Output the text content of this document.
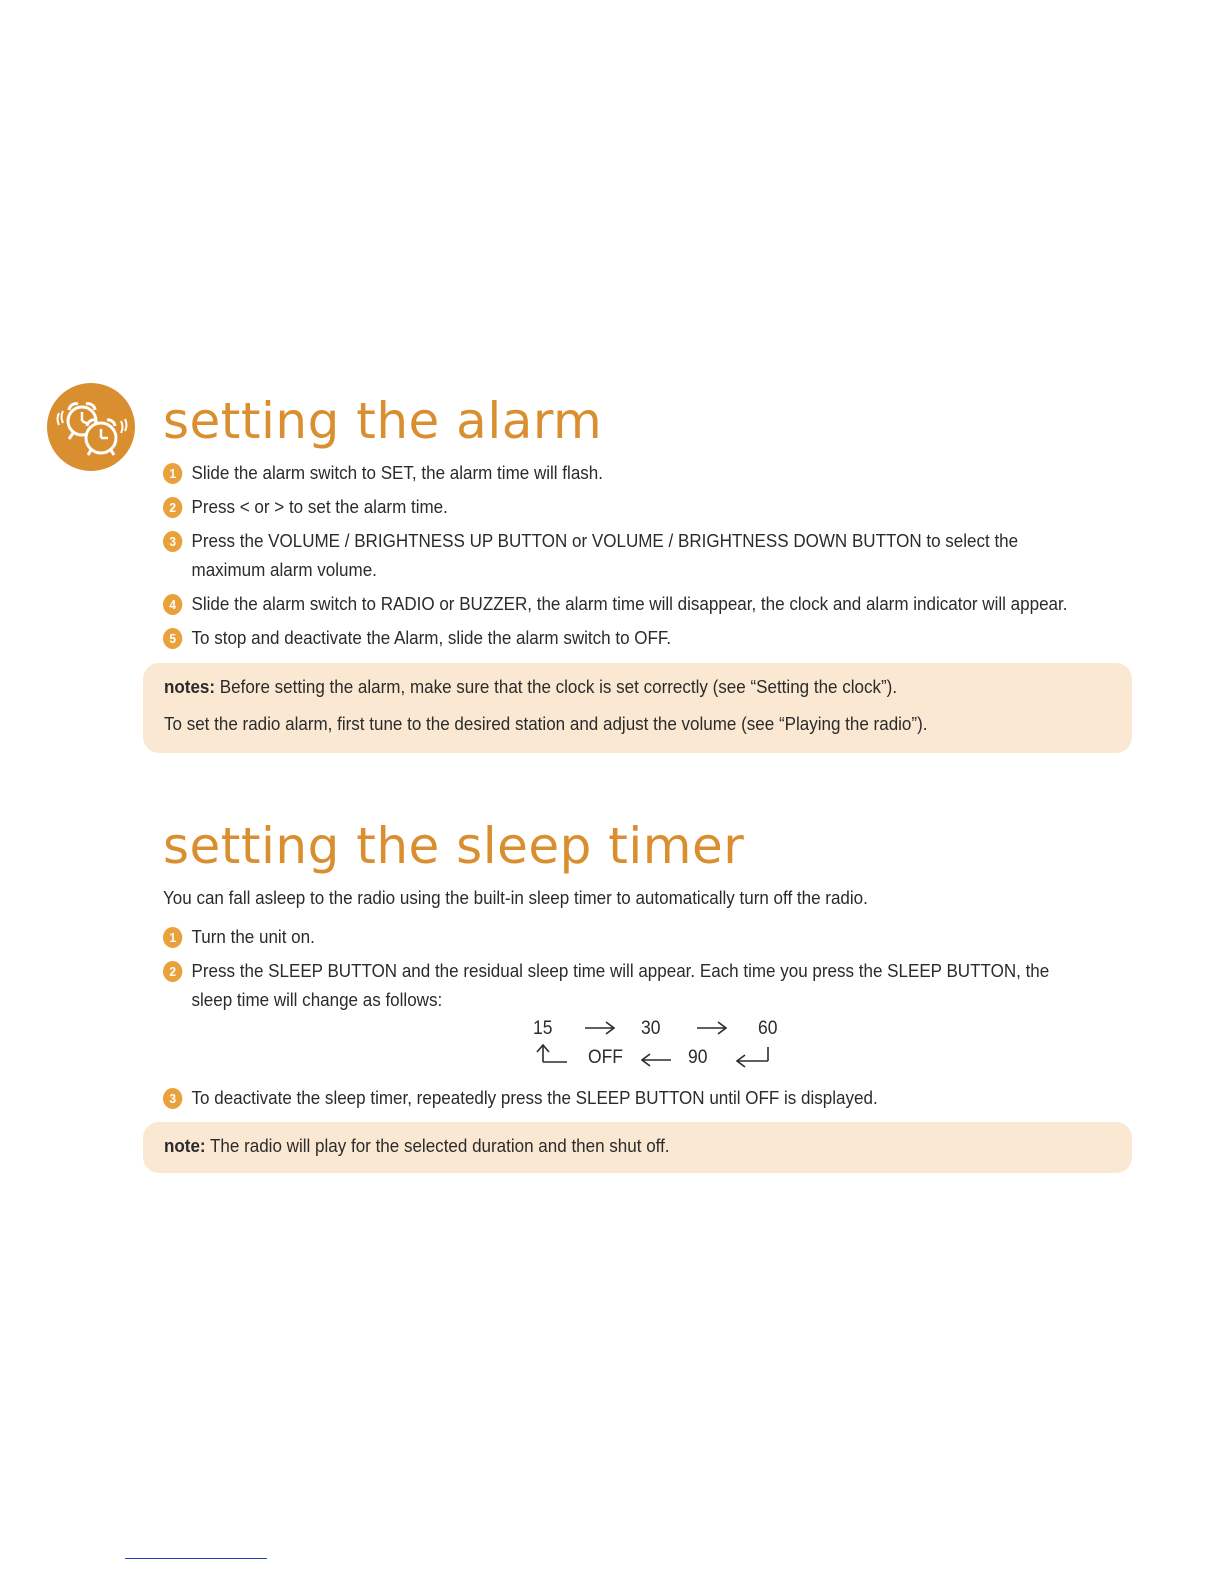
setting the alarm
1 Slide the alarm switch to SET, the alarm time will flash.
2 Press < or > to set the alarm time.
3 Press the VOLUME / BRIGHTNESS UP BUTTON or VOLUME / BRIGHTNESS DOWN BUTTON to select the maximum alarm volume.
4 Slide the alarm switch to RADIO or BUZZER, the alarm time will disappear, the clock and alarm indicator will appear.
5 To stop and deactivate the Alarm, slide the alarm switch to OFF.

notes: Before setting the alarm, make sure that the clock is set correctly (see “Setting the clock”).

To set the radio alarm, first tune to the desired station and adjust the volume (see “Playing the radio”).

setting the sleep timer

You can fall asleep to the radio using the built-in sleep timer to automatically turn off the radio.

1 Turn the unit on.
2 Press the SLEEP BUTTON and the residual sleep time will appear. Each time you press the SLEEP BUTTON, the sleep time will change as follows:
15	30	60
OFF	90
3 To deactivate the sleep timer, repeatedly press the SLEEP BUTTON until OFF is displayed.

note: The radio will play for the selected duration and then shut off.
